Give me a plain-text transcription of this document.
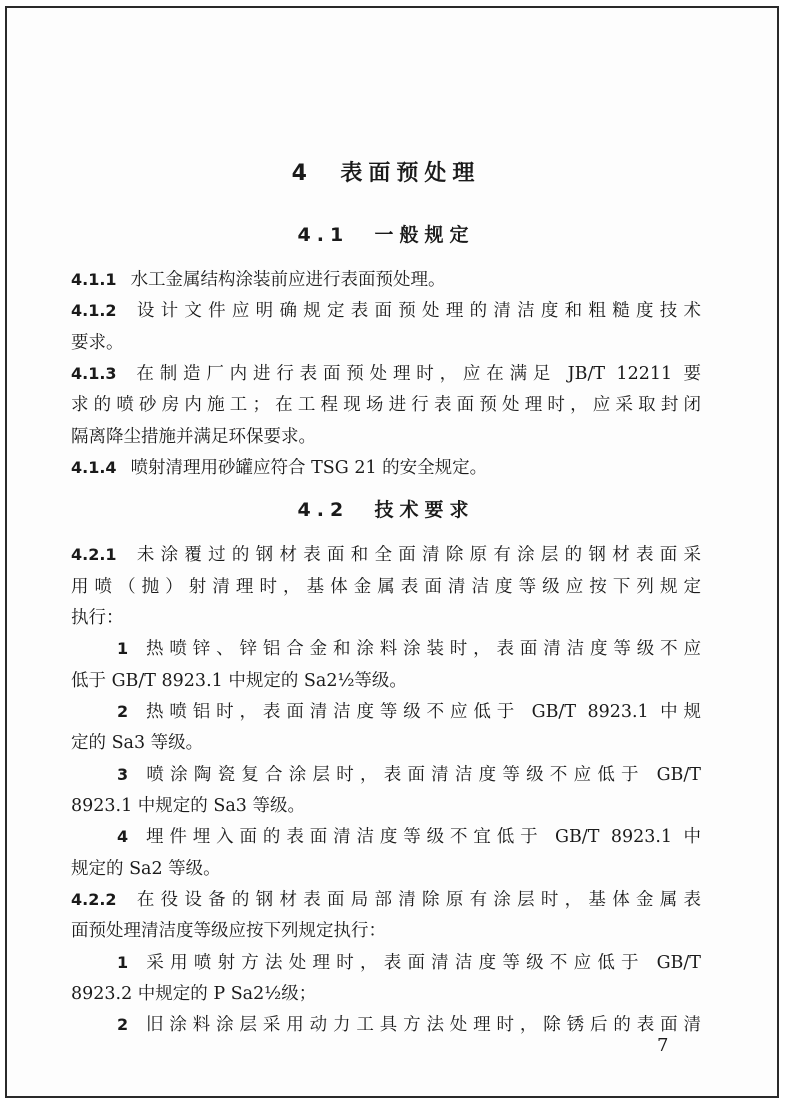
4 表面预处理
4.1 一般规定
4.1.1 水工金属结构涂装前应进行表面预处理。
4.1.2 设计文件应明确规定表面预处理的清洁度和粗糙度技术
要求。
4.1.3 在制造厂内进行表面预处理时，应在满足 JB/T 12211 要
求的喷砂房内施工；在工程现场进行表面预处理时，应采取封闭
隔离降尘措施并满足环保要求。
4.1.4 喷射清理用砂罐应符合 TSG 21 的安全规定。
4.2 技术要求
4.2.1 未涂覆过的钢材表面和全面清除原有涂层的钢材表面采
用喷（抛）射清理时，基体金属表面清洁度等级应按下列规定
执行：
1 热喷锌、锌铝合金和涂料涂装时，表面清洁度等级不应
低于 GB/T 8923.1 中规定的 Sa2½等级。
2 热喷铝时，表面清洁度等级不应低于 GB/T 8923.1 中规
定的 Sa3 等级。
3 喷涂陶瓷复合涂层时，表面清洁度等级不应低于 GB/T
8923.1 中规定的 Sa3 等级。
4 埋件埋入面的表面清洁度等级不宜低于 GB/T 8923.1 中
规定的 Sa2 等级。
4.2.2 在役设备的钢材表面局部清除原有涂层时，基体金属表
面预处理清洁度等级应按下列规定执行：
1 采用喷射方法处理时，表面清洁度等级不应低于 GB/T
8923.2 中规定的 P Sa2½级；
2 旧涂料涂层采用动力工具方法处理时，除锈后的表面清
7
